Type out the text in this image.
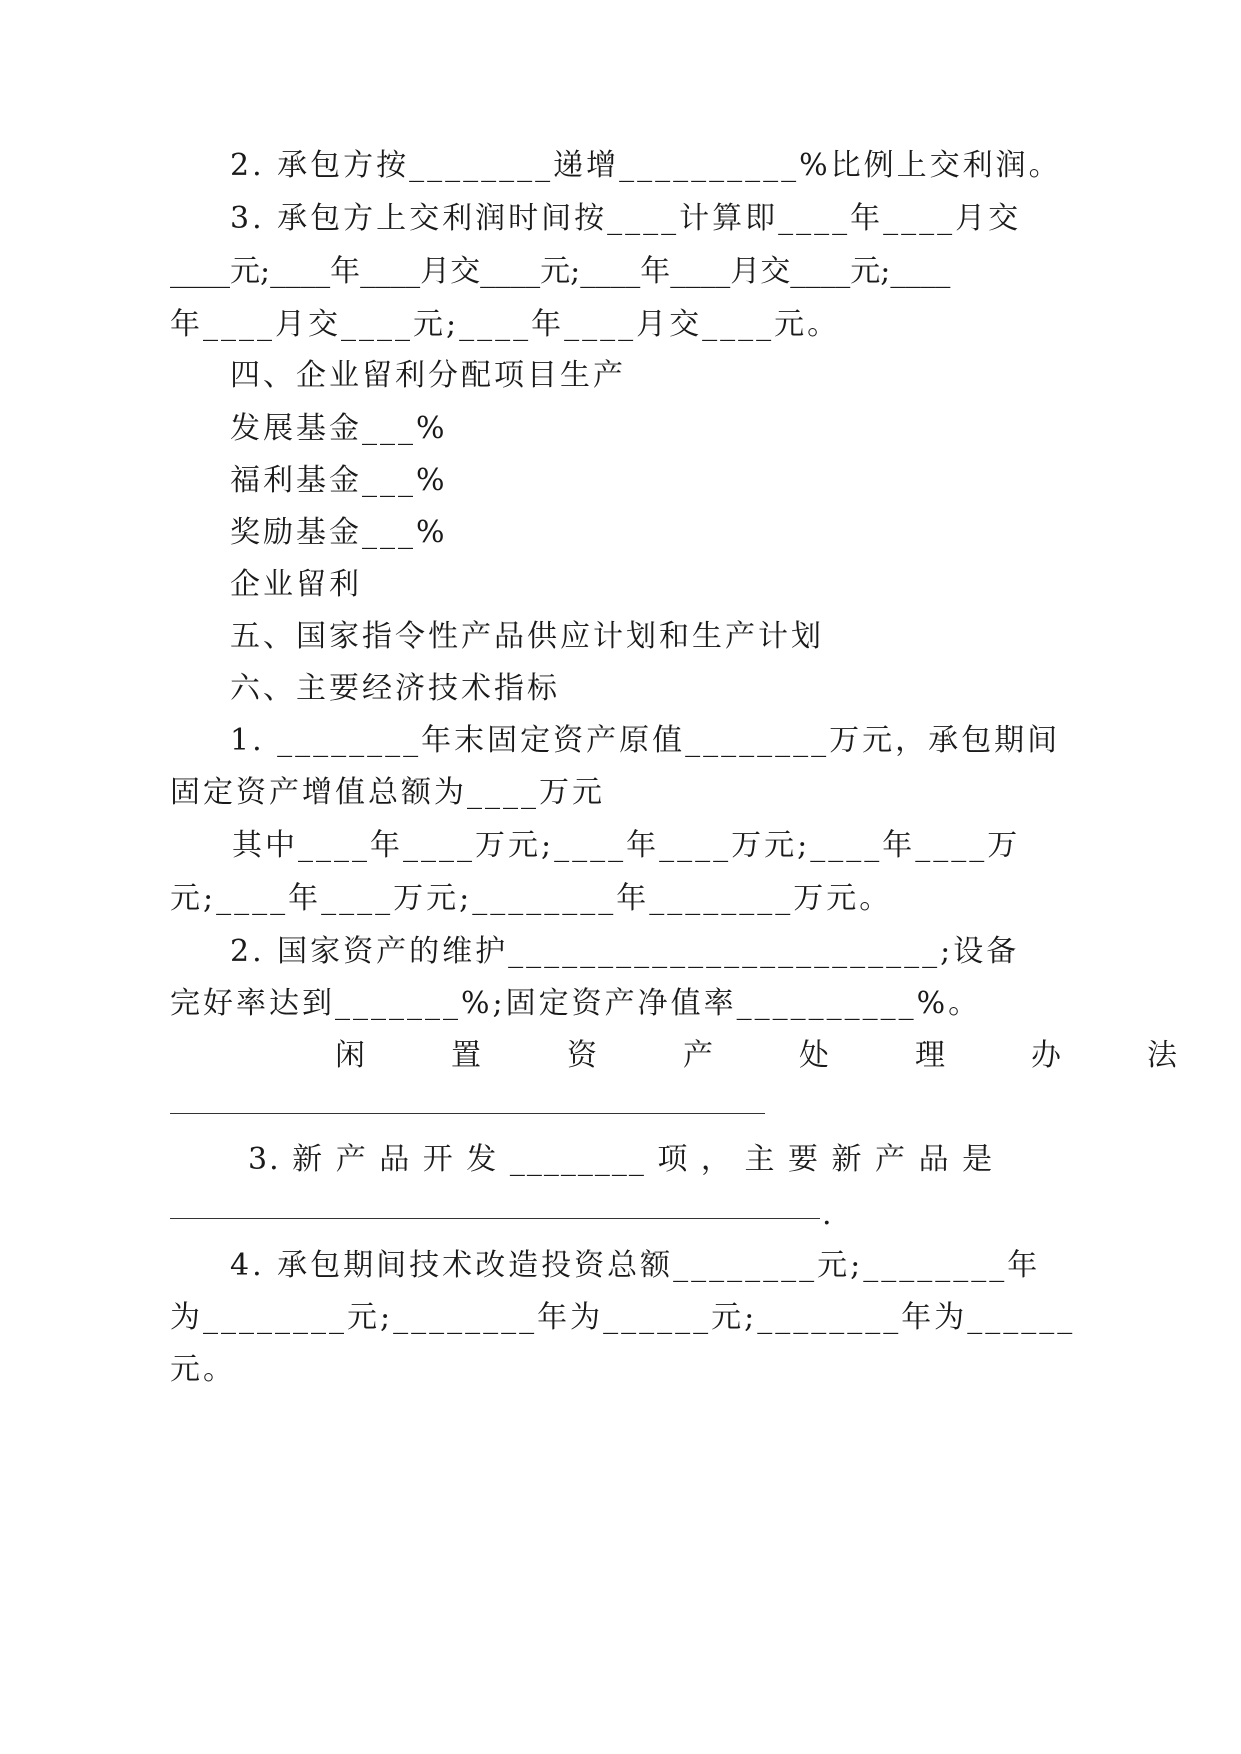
2. 承包方按________递增__________%比例上交利润。
3. 承包方上交利润时间按____计算即____年____月交
____元;____年____月交____元;____年____月交____元;____
年____月交____元;____年____月交____元。
四、企业留利分配项目生产
发展基金___%
福利基金___%
奖励基金___%
企业留利
五、国家指令性产品供应计划和生产计划
六、主要经济技术指标
1. ________年末固定资产原值________万元，承包期间
固定资产增值总额为____万元
其中____年____万元;____年____万元;____年____万
元;____年____万元;________年________万元。
2. 国家资产的维护________________________;设备
完好率达到_______%;固定资产净值率__________%。
闲　置　资　产　处　理　办　法
3. 新 产 品 开 发 ________ 项 ， 主 要 新 产 品 是
.
4. 承包期间技术改造投资总额________元;________年
为________元;________年为______元;________年为______
元。
